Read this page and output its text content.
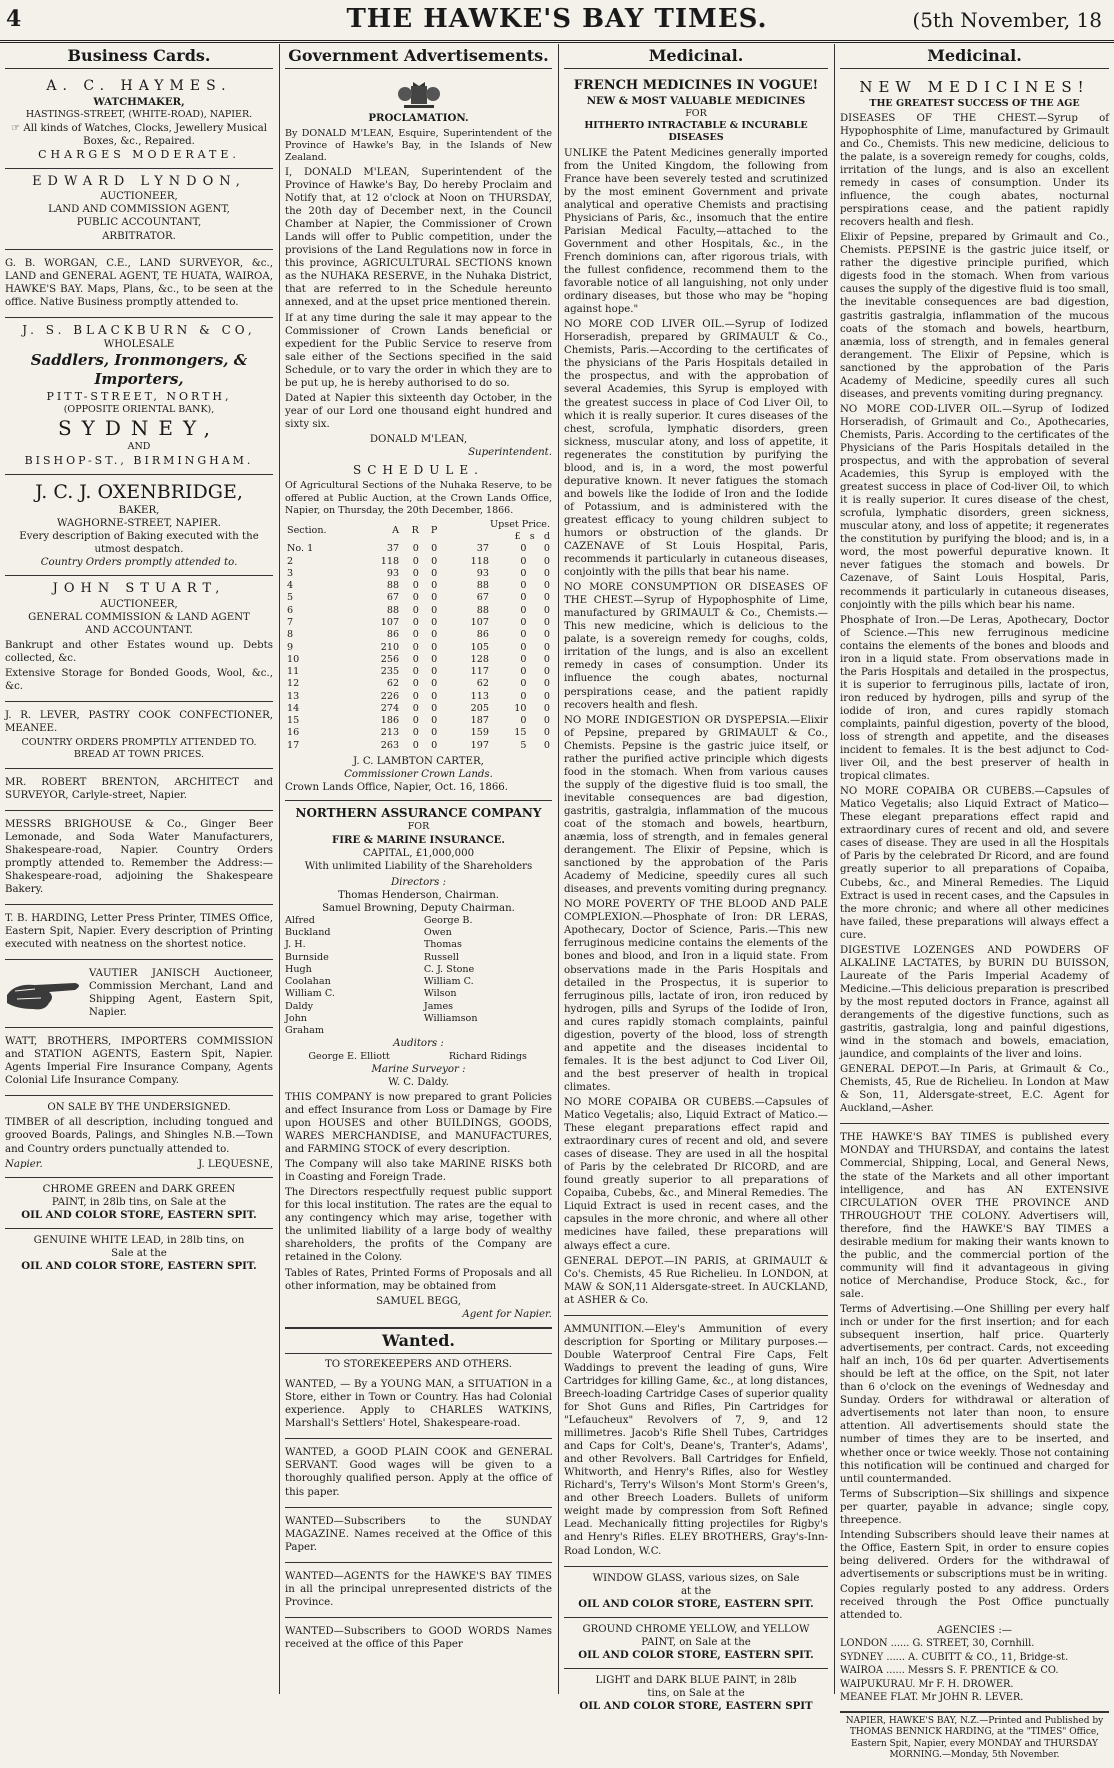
4	THE HAWKE'S BAY TIMES.	(5th November, 18
Business Cards.
A. C. HAYMES.
WATCHMAKER,
HASTINGS-STREET, (WHITE-ROAD), NAPIER.
☞ All kinds of Watches, Clocks, Jewellery Musical Boxes, &c., Repaired.
CHARGES MODERATE.
EDWARD LYNDON,
AUCTIONEER,
LAND AND COMMISSION AGENT,
PUBLIC ACCOUNTANT,
ARBITRATOR.

G. B. WORGAN, C.E., LAND SURVEYOR, &c., LAND and GENERAL AGENT, TE HUATA, WAIROA, HAWKE'S BAY. Maps, Plans, &c., to be seen at the office. Native Business promptly attended to.

J. S. BLACKBURN & CO,
WHOLESALE
Saddlers, Ironmongers, & Importers,
PITT-STREET, NORTH,
(OPPOSITE ORIENTAL BANK),
SYDNEY,
AND
BISHOP-ST., BIRMINGHAM.
J. C. J. OXENBRIDGE,
BAKER,
WAGHORNE-STREET, NAPIER.
Every description of Baking executed with the utmost despatch.
Country Orders promptly attended to.
JOHN STUART,
AUCTIONEER,
GENERAL COMMISSION & LAND AGENT
AND ACCOUNTANT.

Bankrupt and other Estates wound up. Debts collected, &c.

Extensive Storage for Bonded Goods, Wool, &c., &c.

J. R. LEVER, PASTRY COOK CONFECTIONER, MEANEE.

COUNTRY ORDERS PROMPTLY ATTENDED TO.
BREAD AT TOWN PRICES.

MR. ROBERT BRENTON, ARCHITECT and SURVEYOR, Carlyle-street, Napier.

MESSRS BRIGHOUSE & Co., Ginger Beer Lemonade, and Soda Water Manufacturers, Shakespeare-road, Napier. Country Orders promptly attended to. Remember the Address:—Shakespeare-road, adjoining the Shakespeare Bakery.

T. B. HARDING, Letter Press Printer, TIMES Office, Eastern Spit, Napier. Every description of Printing executed with neatness on the shortest notice.

VAUTIER JANISCH Auctioneer, Commission Merchant, Land and Shipping Agent, Eastern Spit, Napier.

WATT, BROTHERS, IMPORTERS COMMISSION and STATION AGENTS, Eastern Spit, Napier. Agents Imperial Fire Insurance Company, Agents Colonial Life Insurance Company.

ON SALE BY THE UNDERSIGNED.

TIMBER of all description, including tongued and grooved Boards, Palings, and Shingles N.B.—Town and Country orders punctually attended to.

Napier.	J. LEQUESNE,
CHROME GREEN and DARK GREEN
PAINT, in 28lb tins, on Sale at the
OIL AND COLOR STORE, EASTERN SPIT.
GENUINE WHITE LEAD, in 28lb tins, on
Sale at the
OIL AND COLOR STORE, EASTERN SPIT.
Government Advertisements.
PROCLAMATION.

By DONALD M'LEAN, Esquire, Superintendent of the Province of Hawke's Bay, in the Islands of New Zealand.

I, DONALD M'LEAN, Superintendent of the Province of Hawke's Bay, Do hereby Proclaim and Notify that, at 12 o'clock at Noon on THURSDAY, the 20th day of December next, in the Council Chamber at Napier, the Commissioner of Crown Lands will offer to Public competition, under the provisions of the Land Regulations now in force in this province, AGRICULTURAL SECTIONS known as the NUHAKA RESERVE, in the Nuhaka District, that are referred to in the Schedule hereunto annexed, and at the upset price mentioned therein.

If at any time during the sale it may appear to the Commissioner of Crown Lands beneficial or expedient for the Public Service to reserve from sale either of the Sections specified in the said Schedule, or to vary the order in which they are to be put up, he is hereby authorised to do so.

Dated at Napier this sixteenth day October, in the year of our Lord one thousand eight hundred and sixty six.

DONALD M'LEAN,
Superintendent.
SCHEDULE.

Of Agricultural Sections of the Nuhaka Reserve, to be offered at Public Auction, at the Crown Lands Office, Napier, on Thursday, the 20th December, 1866.

Section.	A	R	P	Upset Price.
£ s d		

No. 1	37	0	0	37	0	0
2	118	0	0	118	0	0
3	93	0	0	93	0	0
4	88	0	0	88	0	0
5	67	0	0	67	0	0
6	88	0	0	88	0	0
7	107	0	0	107	0	0
8	86	0	0	86	0	0
9	210	0	0	105	0	0
10	256	0	0	128	0	0
11	235	0	0	117	0	0
12	62	0	0	62	0	0
13	226	0	0	113	0	0
14	274	0	0	205	10	0
15	186	0	0	187	0	0
16	213	0	0	159	15	0
17	263	0	0	197	5	0
J. C. LAMBTON CARTER,
Commissioner Crown Lands.
Crown Lands Office, Napier, Oct. 16, 1866.
NORTHERN ASSURANCE COMPANY
FOR
FIRE & MARINE INSURANCE.
CAPITAL, £1,000,000
With unlimited Liability of the Shareholders
Directors :
Thomas Henderson, Chairman.
Samuel Browning, Deputy Chairman.
Alfred Buckland
J. H. Burnside
Hugh Coolahan
William C. Daldy
John Graham
George B. Owen
Thomas Russell
C. J. Stone
William C. Wilson
James Williamson
Auditors :
George E. Elliott	Richard Ridings
Marine Surveyor :
W. C. Daldy.

THIS COMPANY is now prepared to grant Policies and effect Insurance from Loss or Damage by Fire upon HOUSES and other BUILDINGS, GOODS, WARES MERCHANDISE, and MANUFACTURES, and FARMING STOCK of every description.

The Company will also take MARINE RISKS both in Coasting and Foreign Trade.

The Directors respectfully request public support for this local institution. The rates are the equal to any contingency which may arise, together with the unlimited liability of a large body of wealthy shareholders, the profits of the Company are retained in the Colony.

Tables of Rates, Printed Forms of Proposals and all other information, may be obtained from

SAMUEL BEGG,
Agent for Napier.
Wanted.
TO STOREKEEPERS AND OTHERS.

WANTED, — By a YOUNG MAN, a SITUATION in a Store, either in Town or Country. Has had Colonial experience. Apply to CHARLES WATKINS, Marshall's Settlers' Hotel, Shakespeare-road.

WANTED, a GOOD PLAIN COOK and GENERAL SERVANT. Good wages will be given to a thoroughly qualified person. Apply at the office of this paper.

WANTED—Subscribers to the SUNDAY MAGAZINE. Names received at the Office of this Paper.

WANTED—AGENTS for the HAWKE'S BAY TIMES in all the principal unrepresented districts of the Province.

WANTED—Subscribers to GOOD WORDS Names received at the office of this Paper

Medicinal.
FRENCH MEDICINES IN VOGUE!
NEW & MOST VALUABLE MEDICINES
FOR
HITHERTO INTRACTABLE & INCURABLE DISEASES

UNLIKE the Patent Medicines generally imported from the United Kingdom, the following from France have been severely tested and scrutinized by the most eminent Government and private analytical and operative Chemists and practising Physicians of Paris, &c., insomuch that the entire Parisian Medical Faculty,—attached to the Government and other Hospitals, &c., in the French dominions can, after rigorous trials, with the fullest confidence, recommend them to the favorable notice of all languishing, not only under ordinary diseases, but those who may be "hoping against hope."

NO MORE COD LIVER OIL.—Syrup of Iodized Horseradish, prepared by GRIMAULT & Co., Chemists, Paris.—According to the certificates of the physicians of the Paris Hospitals detailed in the prospectus, and with the approbation of several Academies, this Syrup is employed with the greatest success in place of Cod Liver Oil, to which it is really superior. It cures diseases of the chest, scrofula, lymphatic disorders, green sickness, muscular atony, and loss of appetite, it regenerates the constitution by purifying the blood, and is, in a word, the most powerful depurative known. It never fatigues the stomach and bowels like the Iodide of Iron and the Iodide of Potassium, and is administered with the greatest efficacy to young children subject to humors or obstruction of the glands. Dr CAZENAVE of St Louis Hospital, Paris, recommends it particularly in cutaneous diseases, conjointly with the pills that bear his name.

NO MORE CONSUMPTION OR DISEASES OF THE CHEST.—Syrup of Hypophosphite of Lime, manufactured by GRIMAULT & Co., Chemists.—This new medicine, which is delicious to the palate, is a sovereign remedy for coughs, colds, irritation of the lungs, and is also an excellent remedy in cases of consumption. Under its influence the cough abates, nocturnal perspirations cease, and the patient rapidly recovers health and flesh.

NO MORE INDIGESTION OR DYSPEPSIA.—Elixir of Pepsine, prepared by GRIMAULT & Co., Chemists. Pepsine is the gastric juice itself, or rather the purified active principle which digests food in the stomach. When from various causes the supply of the digestive fluid is too small, the inevitable consequences are bad digestion, gastritis, gastralgia, inflammation of the mucous coat of the stomach and bowels, heartburn, anæmia, loss of strength, and in females general derangement. The Elixir of Pepsine, which is sanctioned by the approbation of the Paris Academy of Medicine, speedily cures all such diseases, and prevents vomiting during pregnancy.

NO MORE POVERTY OF THE BLOOD AND PALE COMPLEXION.—Phosphate of Iron: DR LERAS, Apothecary, Doctor of Science, Paris.—This new ferruginous medicine contains the elements of the bones and blood, and Iron in a liquid state. From observations made in the Paris Hospitals and detailed in the Prospectus, it is superior to ferruginous pills, lactate of iron, iron reduced by hydrogen, pills and Syrups of the Iodide of Iron, and cures rapidly stomach complaints, painful digestion, poverty of the blood, loss of strength and appetite and the diseases incidental to females. It is the best adjunct to Cod Liver Oil, and the best preserver of health in tropical climates.

NO MORE COPAIBA OR CUBEBS.—Capsules of Matico Vegetalis; also, Liquid Extract of Matico.—These elegant preparations effect rapid and extraordinary cures of recent and old, and severe cases of disease. They are used in all the hospital of Paris by the celebrated Dr RICORD, and are found greatly superior to all preparations of Copaiba, Cubebs, &c., and Mineral Remedies. The Liquid Extract is used in recent cases, and the capsules in the more chronic, and where all other medicines have failed, these preparations will always effect a cure.

GENERAL DEPOT.—IN PARIS, at GRIMAULT & Co's. Chemists, 45 Rue Richelieu. In LONDON, at MAW & SON,11 Aldersgate-street. In AUCKLAND, at ASHER & Co.

AMMUNITION.—Eley's Ammunition of every description for Sporting or Military purposes.—Double Waterproof Central Fire Caps, Felt Waddings to prevent the leading of guns, Wire Cartridges for killing Game, &c., at long distances, Breech-loading Cartridge Cases of superior quality for Shot Guns and Rifles, Pin Cartridges for "Lefaucheux" Revolvers of 7, 9, and 12 millimetres. Jacob's Rifle Shell Tubes, Cartridges and Caps for Colt's, Deane's, Tranter's, Adams', and other Revolvers. Ball Cartridges for Enfield, Whitworth, and Henry's Rifles, also for Westley Richard's, Terry's Wilson's Mont Storm's Green's, and other Breech Loaders. Bullets of uniform weight made by compression from Soft Refined Lead. Mechanically fitting projectiles for Rigby's and Henry's Rifles. ELEY BROTHERS, Gray's-Inn-Road London, W.C.

WINDOW GLASS, various sizes, on Sale
at the
OIL AND COLOR STORE, EASTERN SPIT.
GROUND CHROME YELLOW, and YELLOW PAINT, on Sale at the
OIL AND COLOR STORE, EASTERN SPIT.
LIGHT and DARK BLUE PAINT, in 28lb
tins, on Sale at the
OIL AND COLOR STORE, EASTERN SPIT
Medicinal.
NEW MEDICINES!
THE GREATEST SUCCESS OF THE AGE

DISEASES OF THE CHEST.—Syrup of Hypophosphite of Lime, manufactured by Grimault and Co., Chemists. This new medicine, delicious to the palate, is a sovereign remedy for coughs, colds, irritation of the lungs, and is also an excellent remedy in cases of consumption. Under its influence, the cough abates, nocturnal perspirations cease, and the patient rapidly recovers health and flesh.

Elixir of Pepsine, prepared by Grimault and Co., Chemists. PEPSINE is the gastric juice itself, or rather the digestive principle purified, which digests food in the stomach. When from various causes the supply of the digestive fluid is too small, the inevitable consequences are bad digestion, gastritis gastralgia, inflammation of the mucous coats of the stomach and bowels, heartburn, anæmia, loss of strength, and in females general derangement. The Elixir of Pepsine, which is sanctioned by the approbation of the Paris Academy of Medicine, speedily cures all such diseases, and prevents vomiting during pregnancy.

NO MORE COD-LIVER OIL.—Syrup of Iodized Horseradish, of Grimault and Co., Apothecaries, Chemists, Paris. According to the certificates of the Physicians of the Paris Hospitals detailed in the prospectus, and with the approbation of several Academies, this Syrup is employed with the greatest success in place of Cod-liver Oil, to which it is really superior. It cures disease of the chest, scrofula, lymphatic disorders, green sickness, muscular atony, and loss of appetite; it regenerates the constitution by purifying the blood; and is, in a word, the most powerful depurative known. It never fatigues the stomach and bowels. Dr Cazenave, of Saint Louis Hospital, Paris, recommends it particularly in cutaneous diseases, conjointly with the pills which bear his name.

Phosphate of Iron.—De Leras, Apothecary, Doctor of Science.—This new ferruginous medicine contains the elements of the bones and bloods and iron in a liquid state. From observations made in the Paris Hospitals and detailed in the prospectus, it is superior to ferruginous pills, lactate of iron, iron reduced by hydrogen, pills and syrup of the iodide of iron, and cures rapidly stomach complaints, painful digestion, poverty of the blood, loss of strength and appetite, and the diseases incident to females. It is the best adjunct to Cod-liver Oil, and the best preserver of health in tropical climates.

NO MORE COPAIBA OR CUBEBS.—Capsules of Matico Vegetalis; also Liquid Extract of Matico—These elegant preparations effect rapid and extraordinary cures of recent and old, and severe cases of disease. They are used in all the Hospitals of Paris by the celebrated Dr Ricord, and are found greatly superior to all preparations of Copaiba, Cubebs, &c., and Mineral Remedies. The Liquid Extract is used in recent cases, and the Capsules in the more chronic; and where all other medicines have failed, these preparations will always effect a cure.

DIGESTIVE LOZENGES AND POWDERS OF ALKALINE LACTATES, by BURIN DU BUISSON, Laureate of the Paris Imperial Academy of Medicine.—This delicious preparation is prescribed by the most reputed doctors in France, against all derangements of the digestive functions, such as gastritis, gastralgia, long and painful digestions, wind in the stomach and bowels, emaciation, jaundice, and complaints of the liver and loins.

GENERAL DEPOT.—In Paris, at Grimault & Co., Chemists, 45, Rue de Richelieu. In London at Maw & Son, 11, Aldersgate-street, E.C. Agent for Auckland,—Asher.

THE HAWKE'S BAY TIMES is published every MONDAY and THURSDAY, and contains the latest Commercial, Shipping, Local, and General News, the state of the Markets and all other important intelligence, and has AN EXTENSIVE CIRCULATION OVER THE PROVINCE AND THROUGHOUT THE COLONY. Advertisers will, therefore, find the HAWKE'S BAY TIMES a desirable medium for making their wants known to the public, and the commercial portion of the community will find it advantageous in giving notice of Merchandise, Produce Stock, &c., for sale.

Terms of Advertising.—One Shilling per every half inch or under for the first insertion; and for each subsequent insertion, half price. Quarterly advertisements, per contract. Cards, not exceeding half an inch, 10s 6d per quarter. Advertisements should be left at the office, on the Spit, not later than 6 o'clock on the evenings of Wednesday and Sunday. Orders for withdrawal or alteration of advertisements not later than noon, to ensure attention. All advertisements should state the number of times they are to be inserted, and whether once or twice weekly. Those not containing this notification will be continued and charged for until countermanded.

Terms of Subscription—Six shillings and sixpence per quarter, payable in advance; single copy, threepence.

Intending Subscribers should leave their names at the Office, Eastern Spit, in order to ensure copies being delivered. Orders for the withdrawal of advertisements or subscriptions must be in writing.

Copies regularly posted to any address. Orders received through the Post Office punctually attended to.

AGENCIES :—
LONDON ...... G. STREET, 30, Cornhill.
SYDNEY ...... A. CUBITT & CO., 11, Bridge-st.
WAIROA ...... Messrs S. F. PRENTICE & CO.
WAIPUKURAU. Mr F. H. DROWER.
MEANEE FLAT. Mr JOHN R. LEVER.
NAPIER, HAWKE'S BAY, N.Z.—Printed and Published by THOMAS BENNICK HARDING, at the "TIMES" Office, Eastern Spit, Napier, every MONDAY and THURSDAY MORNING.—Monday, 5th November.
